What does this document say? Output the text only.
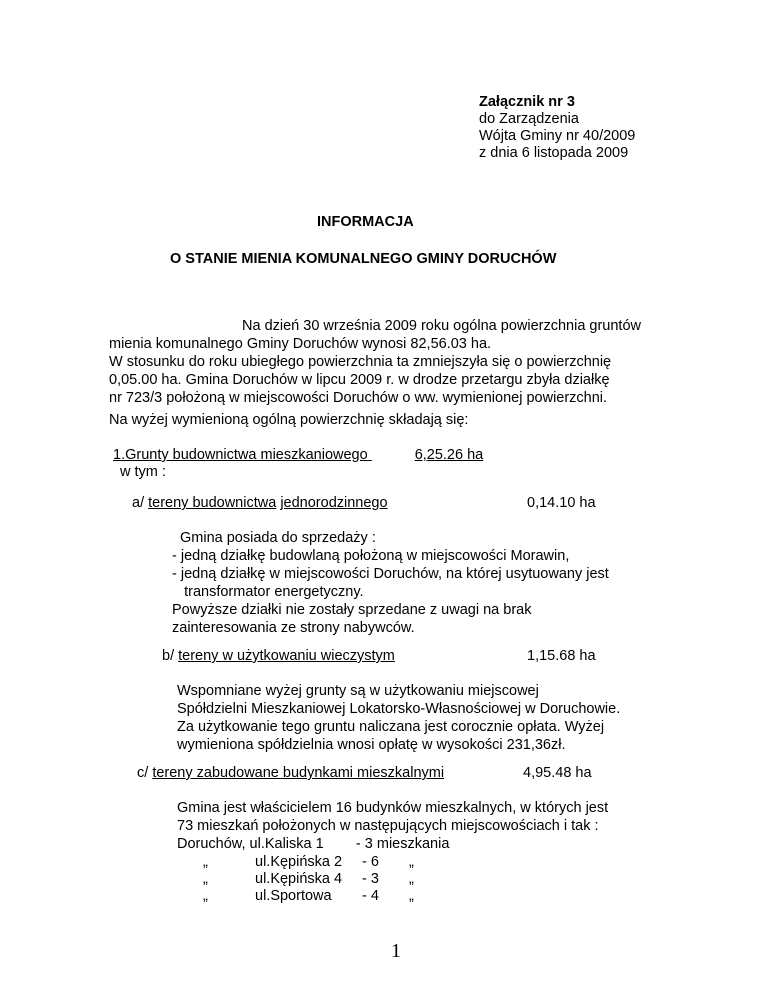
Załącznik nr 3
do Zarządzenia
Wójta Gminy nr 40/2009
z dnia 6 listopada 2009
INFORMACJA
O STANIE MIENIA KOMUNALNEGO GMINY DORUCHÓW
Na dzień 30 września 2009 roku ogólna powierzchnia gruntów
mienia komunalnego Gminy Doruchów wynosi 82,56.03 ha.
W stosunku do roku ubiegłego powierzchnia ta zmniejszyła się o powierzchnię
0,05.00 ha. Gmina Doruchów w lipcu 2009 r. w drodze przetargu zbyła działkę
nr 723/3 położoną w miejscowości Doruchów o ww. wymienionej powierzchni.
Na wyżej wymienioną ogólną powierzchnię składają się:
1.Grunty budownictwa mieszkaniowego	6,25.26 ha
w tym :
a/ tereny budownictwa jednorodzinnego	0,14.10 ha
Gmina posiada do sprzedaży :
- jedną działkę budowlaną położoną w miejscowości Morawin,
- jedną działkę w miejscowości Doruchów, na której usytuowany jest
transformator energetyczny.
Powyższe działki nie zostały sprzedane z uwagi na brak
zainteresowania ze strony nabywców.
b/ tereny w użytkowaniu wieczystym	1,15.68 ha
Wspomniane wyżej grunty są w użytkowaniu miejscowej
Spółdzielni Mieszkaniowej Lokatorsko-Własnościowej w Doruchowie.
Za użytkowanie tego gruntu naliczana jest corocznie opłata. Wyżej
wymieniona spółdzielnia wnosi opłatę w wysokości 231,36zł.
c/ tereny zabudowane budynkami mieszkalnymi	4,95.48 ha
Gmina jest właścicielem 16 budynków mieszkalnych, w których jest
73 mieszkań położonych w następujących miejscowościach i tak :
Doruchów, ul.Kaliska 1        - 3 mieszkania
„	ul.Kępińska 2 - 6 „
„	ul.Kępińska 4 - 3 „
„	ul.Sportowa - 4 „
1
